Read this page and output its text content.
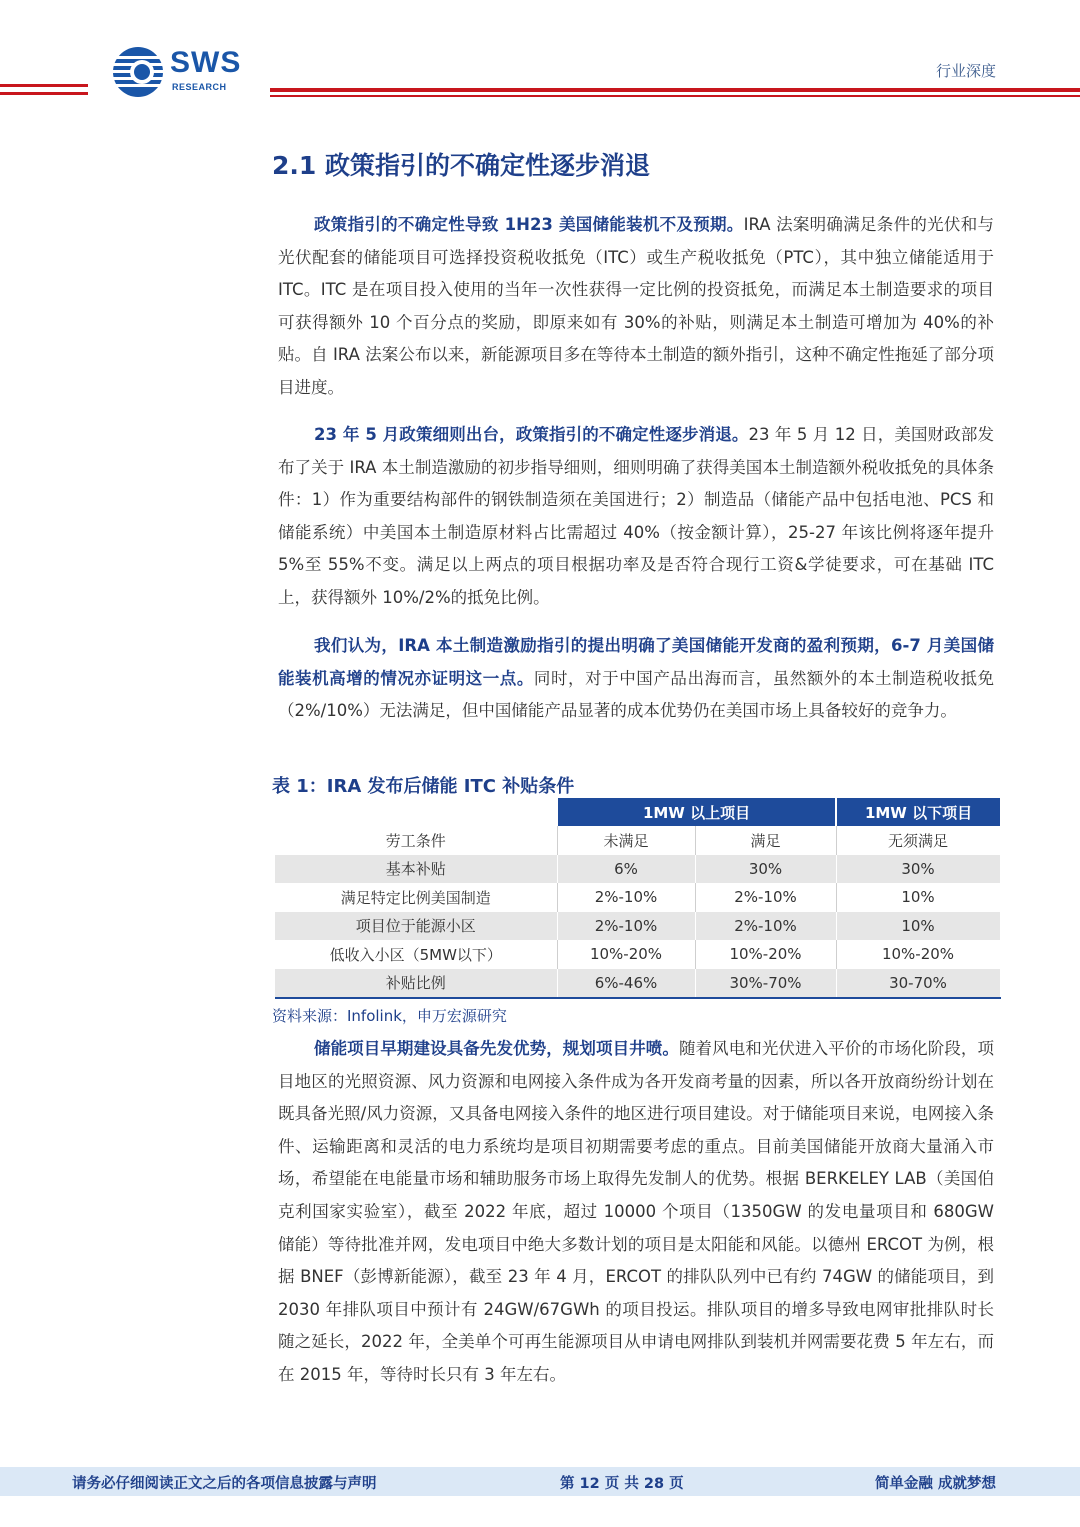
SWS
RESEARCH
行业深度
2.1 政策指引的不确定性逐步消退

政策指引的不确定性导致 1H23 美国储能装机不及预期。IRA 法案明确满足条件的光伏和与光伏配套的储能项目可选择投资税收抵免（ITC）或生产税收抵免（PTC），其中独立储能适用于 ITC。ITC 是在项目投入使用的当年一次性获得一定比例的投资抵免，而满足本土制造要求的项目可获得额外 10 个百分点的奖励，即原来如有 30%的补贴，则满足本土制造可增加为 40%的补贴。自 IRA 法案公布以来，新能源项目多在等待本土制造的额外指引，这种不确定性拖延了部分项目进度。

23 年 5 月政策细则出台，政策指引的不确定性逐步消退。23 年 5 月 12 日，美国财政部发布了关于 IRA 本土制造激励的初步指导细则，细则明确了获得美国本土制造额外税收抵免的具体条件：1）作为重要结构部件的钢铁制造须在美国进行；2）制造品（储能产品中包括电池、PCS 和储能系统）中美国本土制造原材料占比需超过 40%（按金额计算），25-27 年该比例将逐年提升 5%至 55%不变。满足以上两点的项目根据功率及是否符合现行工资&学徒要求，可在基础 ITC 上，获得额外 10%/2%的抵免比例。

我们认为，IRA 本土制造激励指引的提出明确了美国储能开发商的盈利预期，6-7 月美国储能装机高增的情况亦证明这一点。同时，对于中国产品出海而言，虽然额外的本土制造税收抵免（2%/10%）无法满足，但中国储能产品显著的成本优势仍在美国市场上具备较好的竞争力。

表 1：IRA 发布后储能 ITC 补贴条件

	1MW 以上项目		1MW 以下项目
劳工条件	未满足	满足	无须满足
基本补贴	6%	30%	30%
满足特定比例美国制造	2%-10%	2%-10%	10%
项目位于能源小区	2%-10%	2%-10%	10%
低收入小区（5MW以下）	10%-20%	10%-20%	10%-20%
补贴比例	6%-46%	30%-70%	30-70%

资料来源：Infolink，申万宏源研究

储能项目早期建设具备先发优势，规划项目井喷。随着风电和光伏进入平价的市场化阶段，项目地区的光照资源、风力资源和电网接入条件成为各开发商考量的因素，所以各开放商纷纷计划在既具备光照/风力资源，又具备电网接入条件的地区进行项目建设。对于储能项目来说，电网接入条件、运输距离和灵活的电力系统均是项目初期需要考虑的重点。目前美国储能开放商大量涌入市场，希望能在电能量市场和辅助服务市场上取得先发制人的优势。根据 BERKELEY LAB（美国伯克利国家实验室），截至 2022 年底，超过 10000 个项目（1350GW 的发电量项目和 680GW 储能）等待批准并网，发电项目中绝大多数计划的项目是太阳能和风能。以德州 ERCOT 为例，根据 BNEF（彭博新能源），截至 23 年 4 月，ERCOT 的排队队列中已有约 74GW 的储能项目，到 2030 年排队项目中预计有 24GW/67GWh 的项目投运。排队项目的增多导致电网审批排队时长随之延长，2022 年，全美单个可再生能源项目从申请电网排队到装机并网需要花费 5 年左右，而在 2015 年，等待时长只有 3 年左右。

请务必仔细阅读正文之后的各项信息披露与声明	第 12 页 共 28 页	简单金融 成就梦想
